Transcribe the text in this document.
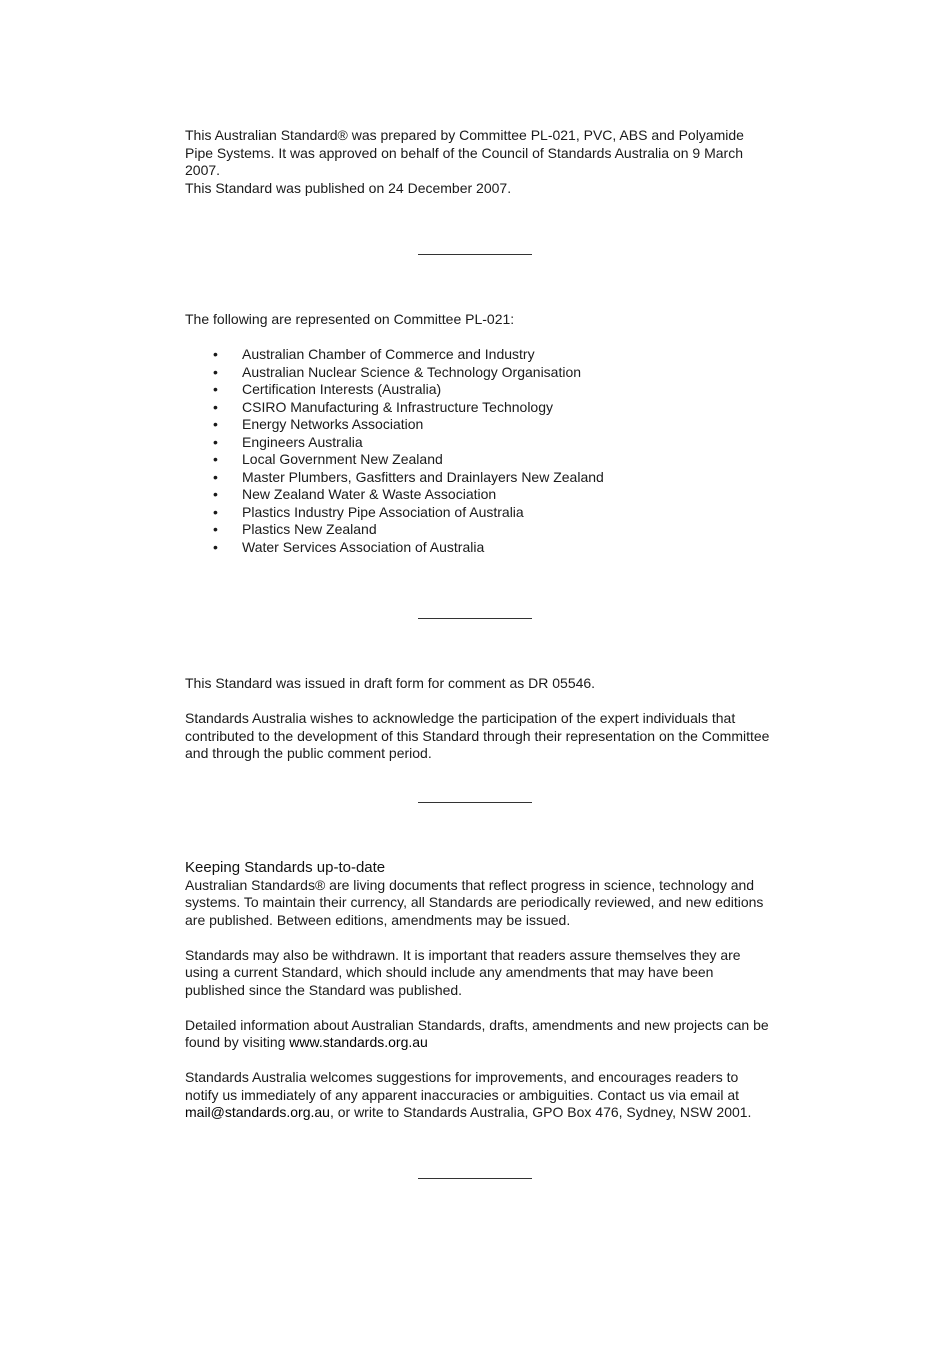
This Australian Standard® was prepared by Committee PL-021, PVC, ABS and Polyamide Pipe Systems. It was approved on behalf of the Council of Standards Australia on 9 March 2007.

This Standard was published on 24 December 2007.

The following are represented on Committee PL-021:

• Australian Chamber of Commerce and Industry
• Australian Nuclear Science & Technology Organisation
• Certification Interests (Australia)
• CSIRO Manufacturing & Infrastructure Technology
• Energy Networks Association
• Engineers Australia
• Local Government New Zealand
• Master Plumbers, Gasfitters and Drainlayers New Zealand
• New Zealand Water & Waste Association
• Plastics Industry Pipe Association of Australia
• Plastics New Zealand
• Water Services Association of Australia

This Standard was issued in draft form for comment as DR 05546.

Standards Australia wishes to acknowledge the participation of the expert individuals that contributed to the development of this Standard through their representation on the Committee and through the public comment period.

Keeping Standards up-to-date

Australian Standards® are living documents that reflect progress in science, technology and systems. To maintain their currency, all Standards are periodically reviewed, and new editions are published. Between editions, amendments may be issued.

Standards may also be withdrawn. It is important that readers assure themselves they are using a current Standard, which should include any amendments that may have been published since the Standard was published.

Detailed information about Australian Standards, drafts, amendments and new projects can be found by visiting www.standards.org.au

Standards Australia welcomes suggestions for improvements, and encourages readers to notify us immediately of any apparent inaccuracies or ambiguities. Contact us via email at mail@standards.org.au, or write to Standards Australia, GPO Box 476, Sydney, NSW 2001.
